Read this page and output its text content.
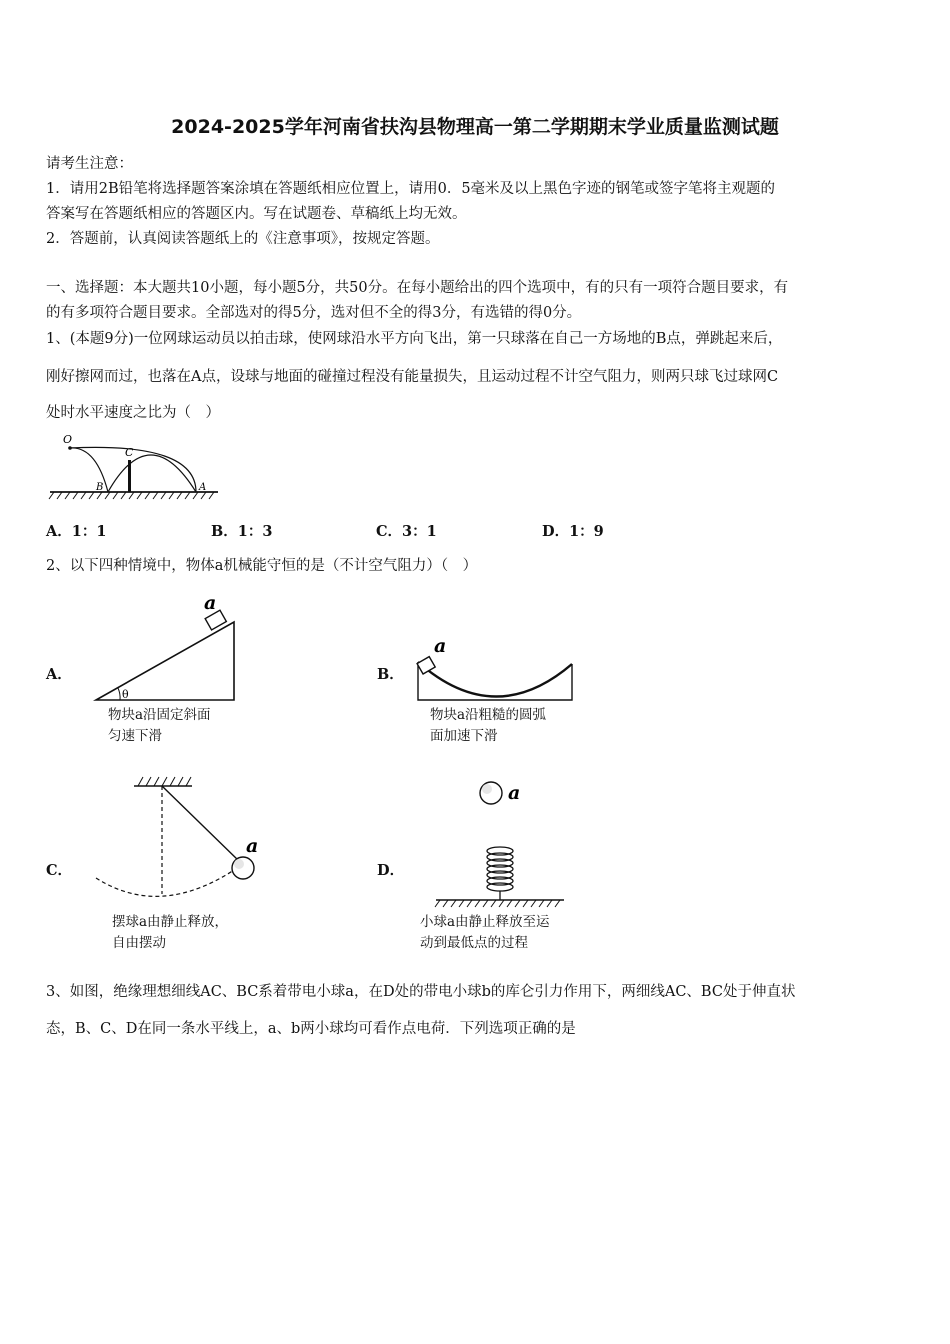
2024-2025学年河南省扶沟县物理高一第二学期期末学业质量监测试题
请考生注意：
1．请用2B铅笔将选择题答案涂填在答题纸相应位置上，请用0．5毫米及以上黑色字迹的钢笔或签字笔将主观题的
答案写在答题纸相应的答题区内。写在试题卷、草稿纸上均无效。
2．答题前，认真阅读答题纸上的《注意事项》，按规定答题。
一、选择题：本大题共10小题，每小题5分，共50分。在每小题给出的四个选项中，有的只有一项符合题目要求，有
的有多项符合题目要求。全部选对的得5分，选对但不全的得3分，有选错的得0分。
1、(本题9分)一位网球运动员以拍击球，使网球沿水平方向飞出，第一只球落在自己一方场地的B点，弹跳起来后，
刚好擦网而过，也落在A点，设球与地面的碰撞过程没有能量损失，且运动过程不计空气阻力，则两只球飞过球网C
处时水平速度之比为（　）
O
C
B	A
A．1：1	B．1：3	C．3：1	D．1：9
2、以下四种情境中，物体a机械能守恒的是（不计空气阻力）（　）
A．
θ
a
物块a沿固定斜面
匀速下滑
B．
a
物块a沿粗糙的圆弧
面加速下滑
C．
a
摆球a由静止释放，
自由摆动
D．
a
小球a由静止释放至运
动到最低点的过程
3、如图，绝缘理想细线AC、BC系着带电小球a，在D处的带电小球b的库仑引力作用下，两细线AC、BC处于伸直状
态，B、C、D在同一条水平线上，a、b两小球均可看作点电荷．下列选项正确的是
